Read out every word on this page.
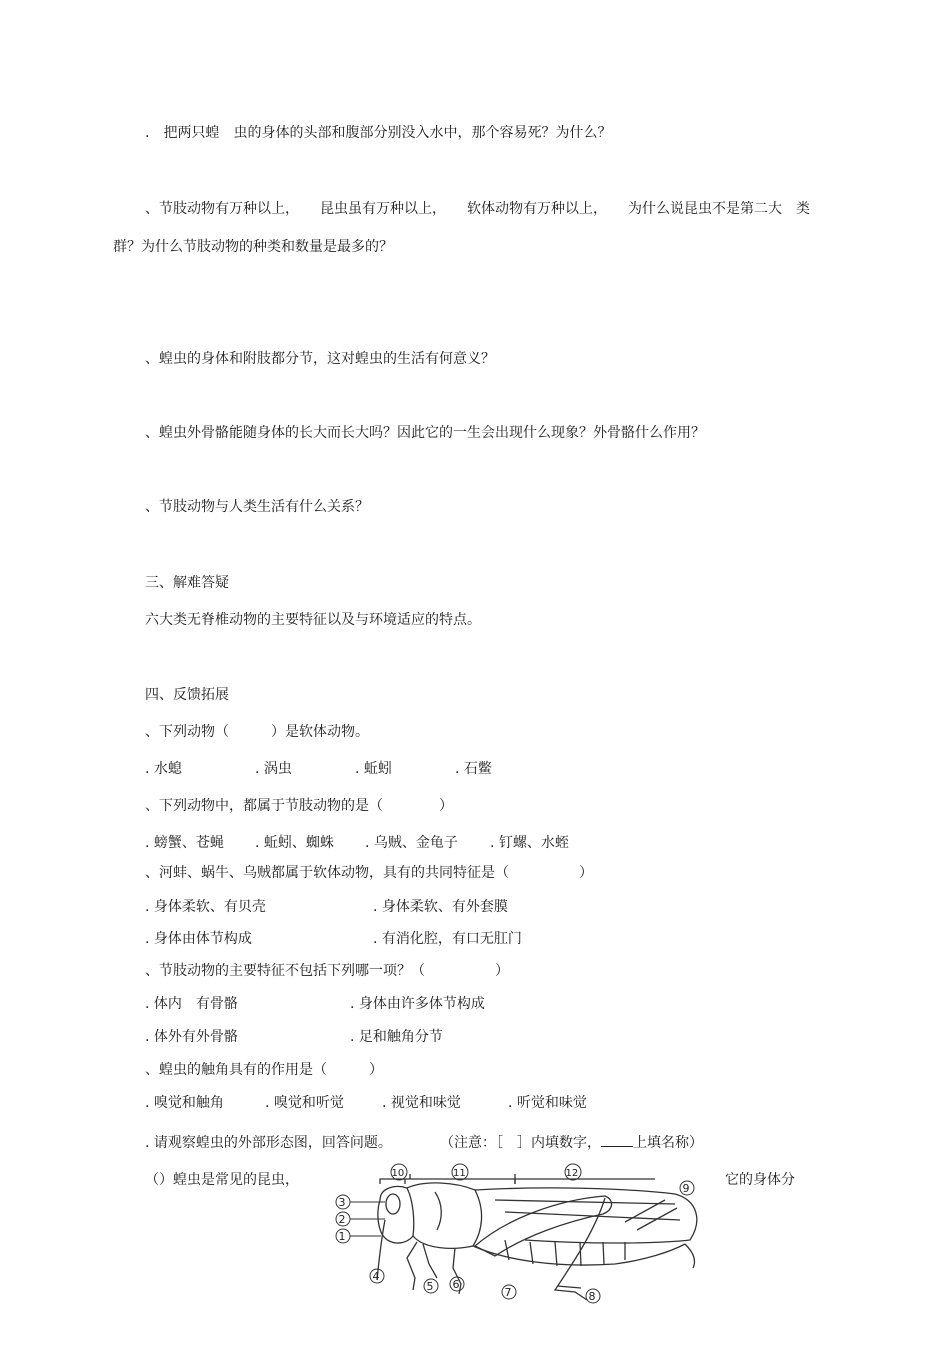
.　把两只蝗　虫的身体的头部和腹部分别没入水中，那个容易死？为什么？
、节肢动物有万种以上，　　昆虫虽有万种以上，　　软体动物有万种以上，　　为什么说昆虫不是第二大　类
群？为什么节肢动物的种类和数量是最多的？
、蝗虫的身体和附肢都分节，这对蝗虫的生活有何意义？
、蝗虫外骨骼能随身体的长大而长大吗？因此它的一生会出现什么现象？外骨骼什么作用？
、节肢动物与人类生活有什么关系？
三、解难答疑
六大类无脊椎动物的主要特征以及与环境适应的特点。
四、反馈拓展
、下列动物（　　　）是软体动物。
. 水螅	. 涡虫	. 蚯蚓	. 石鳖
、下列动物中，都属于节肢动物的是（　　　　）
. 螃蟹、苍蝇 . 蚯蚓、蜘蛛 . 乌贼、金龟子 . 钉螺、水蛭
、河蚌、蜗牛、乌贼都属于软体动物，具有的共同特征是（　　　　　）
. 身体柔软、有贝壳	. 身体柔软、有外套膜
. 身体由体节构成	. 有消化腔，有口无肛门
、节肢动物的主要特征不包括下列哪一项？（　　　　　）
. 体内　有骨骼	. 身体由许多体节构成
. 体外有外骨骼	. 足和触角分节
、蝗虫的触角具有的作用是（　　　）
. 嗅觉和触角	. 嗅觉和听觉	. 视觉和味觉	. 听觉和味觉
. 请观察蝗虫的外部形态图，回答问题。	（注意：［　］内填数字， 上填名称）
（）蝗虫是常见的昆虫，	它的身体分
3
2
1
4
5 6
7	8
9
10	11	12
